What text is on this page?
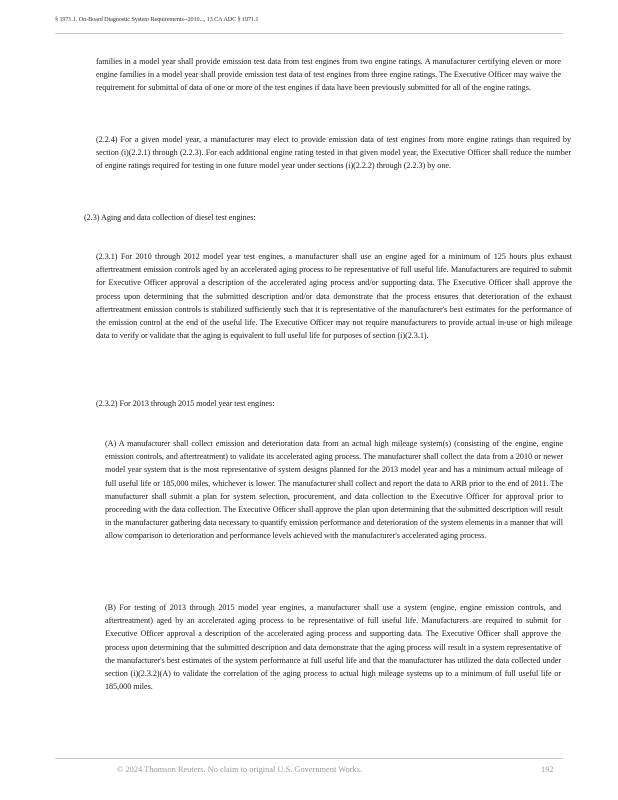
§ 1971.1. On-Board Diagnostic System Requirements--2010..., 13 CA ADC § 1971.1

families in a model year shall provide emission test data from test engines from two engine ratings. A manufacturer certifying eleven or more engine families in a model year shall provide emission test data of test engines from three engine ratings. The Executive Officer may waive the requirement for submittal of data of one or more of the test engines if data have been previously submitted for all of the engine ratings.

(2.2.4) For a given model year, a manufacturer may elect to provide emission data of test engines from more engine ratings than required by section (i)(2.2.1) through (2.2.3). For each additional engine rating tested in that given model year, the Executive Officer shall reduce the number of engine ratings required for testing in one future model year under sections (i)(2.2.2) through (2.2.3) by one.

(2.3) Aging and data collection of diesel test engines:

(2.3.1) For 2010 through 2012 model year test engines, a manufacturer shall use an engine aged for a minimum of 125 hours plus exhaust aftertreatment emission controls aged by an accelerated aging process to be representative of full useful life. Manufacturers are required to submit for Executive Officer approval a description of the accelerated aging process and/or supporting data. The Executive Officer shall approve the process upon determining that the submitted description and/or data demonstrate that the process ensures that deterioration of the exhaust aftertreatment emission controls is stabilized sufficiently such that it is representative of the manufacturer's best estimates for the performance of the emission control at the end of the useful life. The Executive Officer may not require manufacturers to provide actual in-use or high mileage data to verify or validate that the aging is equivalent to full useful life for purposes of section (i)(2.3.1).

(2.3.2) For 2013 through 2015 model year test engines:

(A) A manufacturer shall collect emission and deterioration data from an actual high mileage system(s) (consisting of the engine, engine emission controls, and aftertreatment) to validate its accelerated aging process. The manufacturer shall collect the data from a 2010 or newer model year system that is the most representative of system designs planned for the 2013 model year and has a minimum actual mileage of full useful life or 185,000 miles, whichever is lower. The manufacturer shall collect and report the data to ARB prior to the end of 2011. The manufacturer shall submit a plan for system selection, procurement, and data collection to the Executive Officer for approval prior to proceeding with the data collection. The Executive Officer shall approve the plan upon determining that the submitted description will result in the manufacturer gathering data necessary to quantify emission performance and deterioration of the system elements in a manner that will allow comparison to deterioration and performance levels achieved with the manufacturer's accelerated aging process.

(B) For testing of 2013 through 2015 model year engines, a manufacturer shall use a system (engine, engine emission controls, and aftertreatment) aged by an accelerated aging process to be representative of full useful life. Manufacturers are required to submit for Executive Officer approval a description of the accelerated aging process and supporting data. The Executive Officer shall approve the process upon determining that the submitted description and data demonstrate that the aging process will result in a system representative of the manufacturer's best estimates of the system performance at full useful life and that the manufacturer has utilized the data collected under section (i)(2.3.2)(A) to validate the correlation of the aging process to actual high mileage systems up to a minimum of full useful life or 185,000 miles.

© 2024 Thomson Reuters. No claim to original U.S. Government Works.	192
